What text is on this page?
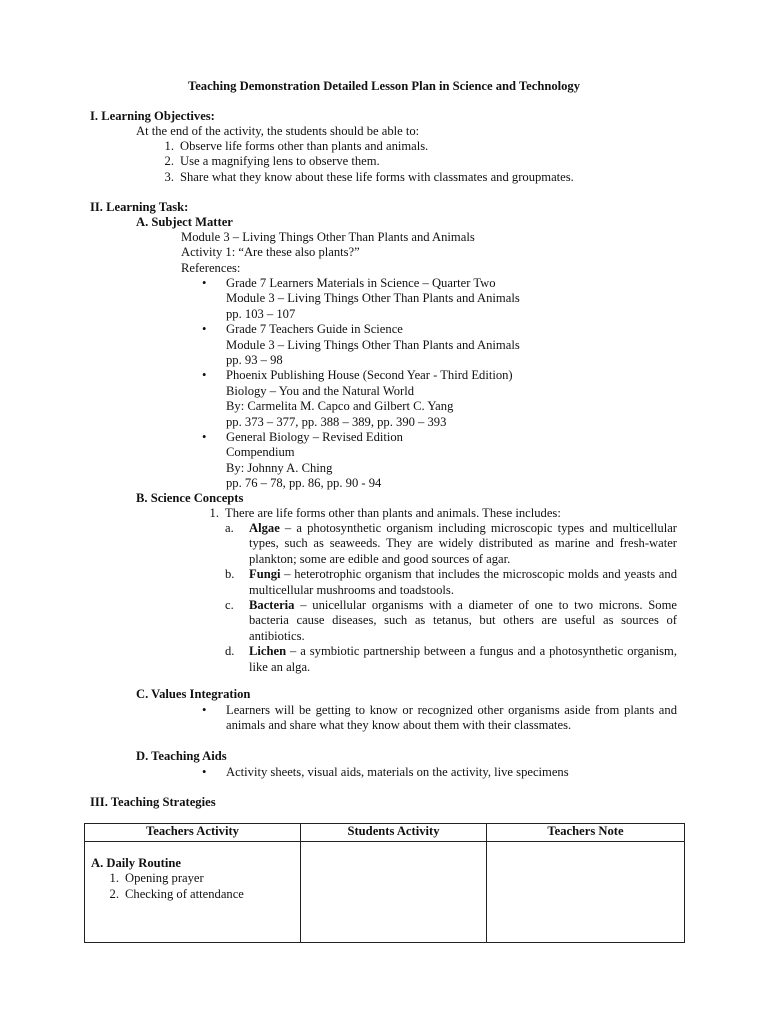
Teaching Demonstration Detailed Lesson Plan in Science and Technology
I. Learning Objectives:
At the end of the activity, the students should be able to:
1. Observe life forms other than plants and animals.
2. Use a magnifying lens to observe them.
3. Share what they know about these life forms with classmates and groupmates.
II. Learning Task:
A. Subject Matter
Module 3 – Living Things Other Than Plants and Animals
Activity 1: “Are these also plants?”
References:
• Grade 7 Learners Materials in Science – Quarter Two
Module 3 – Living Things Other Than Plants and Animals
pp. 103 – 107
• Grade 7 Teachers Guide in Science
Module 3 – Living Things Other Than Plants and Animals
pp. 93 – 98
• Phoenix Publishing House (Second Year - Third Edition)
Biology – You and the Natural World
By: Carmelita M. Capco and Gilbert C. Yang
pp. 373 – 377, pp. 388 – 389, pp. 390 – 393
• General Biology – Revised Edition
Compendium
By: Johnny A. Ching
pp. 76 – 78, pp. 86, pp. 90 - 94
B. Science Concepts
1. There are life forms other than plants and animals. These includes:
a. Algae – a photosynthetic organism including microscopic types and multicellular types, such as seaweeds. They are widely distributed as marine and fresh-water plankton; some are edible and good sources of agar.
b. Fungi – heterotrophic organism that includes the microscopic molds and yeasts and multicellular mushrooms and toadstools.
c. Bacteria – unicellular organisms with a diameter of one to two microns. Some bacteria cause diseases, such as tetanus, but others are useful as sources of antibiotics.
d. Lichen – a symbiotic partnership between a fungus and a photosynthetic organism, like an alga.
C. Values Integration
• Learners will be getting to know or recognized other organisms aside from plants and animals and share what they know about them with their classmates.
D. Teaching Aids
• Activity sheets, visual aids, materials on the activity, live specimens
III. Teaching Strategies
Teachers Activity	Students Activity	Teachers Note

A. Daily Routine
1. Opening prayer
2. Checking of attendance		
